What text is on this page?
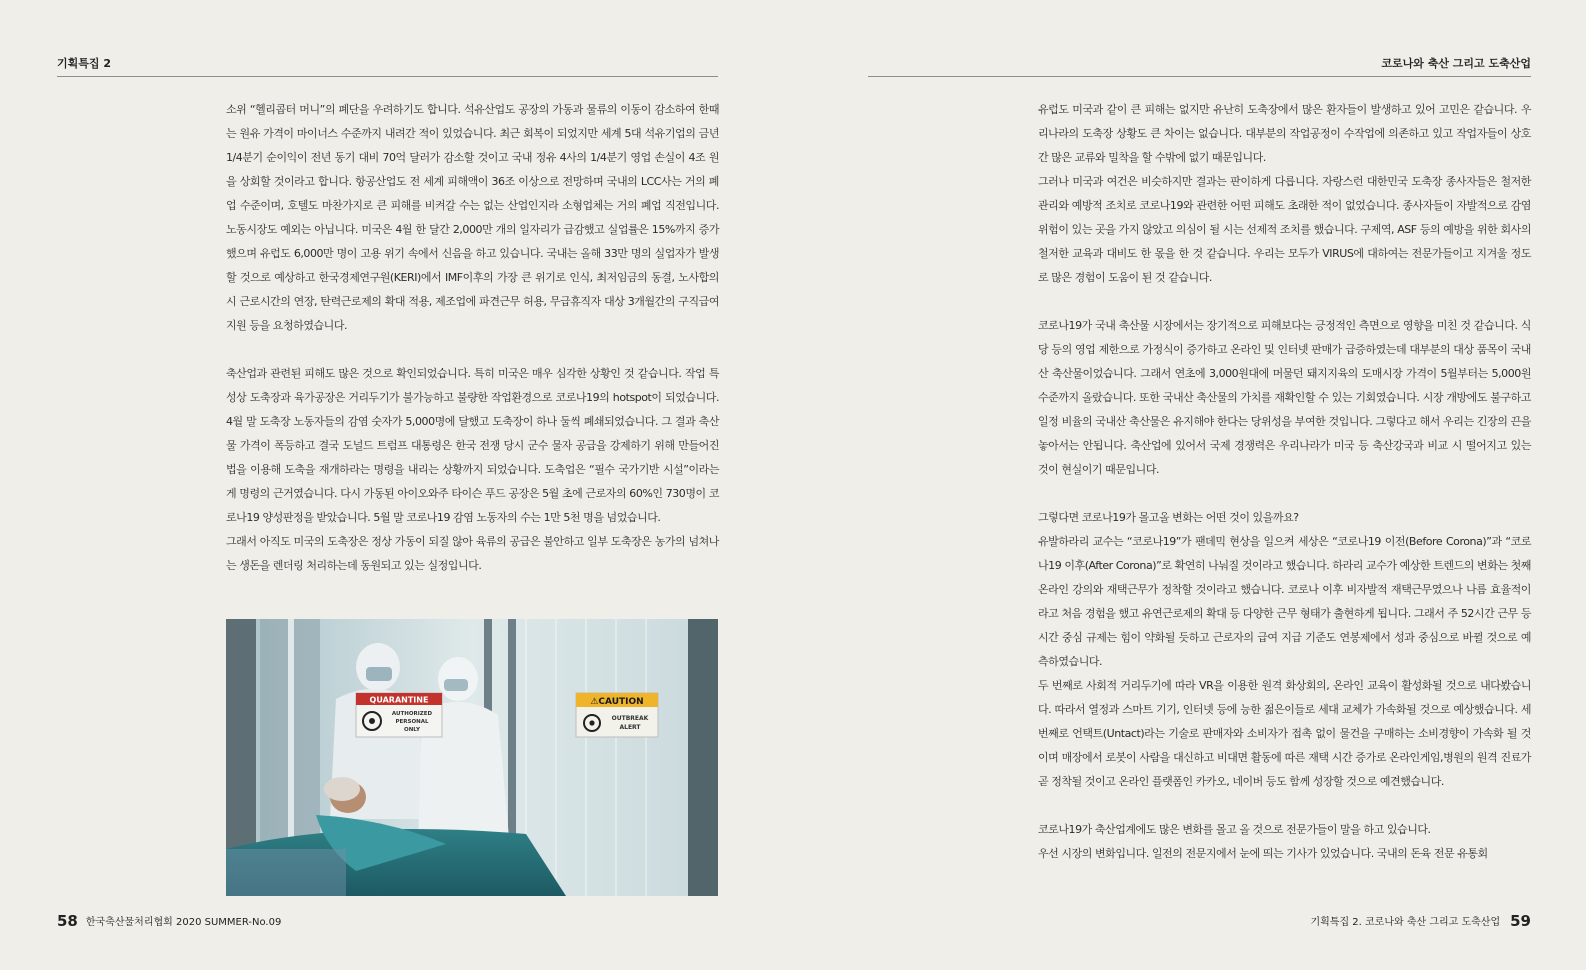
기획특집 2	코로나와 축산 그리고 도축산업

소위 “헬리콥터 머니”의 폐단을 우려하기도 합니다. 석유산업도 공장의 가동과 물류의 이동이 감소하여 한때는 원유 가격이 마이너스 수준까지 내려간 적이 있었습니다. 최근 회복이 되었지만 세계 5대 석유기업의 금년 1/4분기 순이익이 전년 동기 대비 70억 달러가 감소할 것이고 국내 정유 4사의 1/4분기 영업 손실이 4조 원을 상회할 것이라고 합니다. 항공산업도 전 세계 피해액이 36조 이상으로 전망하며 국내의 LCC사는 거의 폐업 수준이며, 호텔도 마찬가지로 큰 피해를 비켜갈 수는 없는 산업인지라 소형업체는 거의 폐업 직전입니다. 노동시장도 예외는 아닙니다. 미국은 4월 한 달간 2,000만 개의 일자리가 급감했고 실업률은 15%까지 증가했으며 유럽도 6,000만 명이 고용 위기 속에서 신음을 하고 있습니다. 국내는 올해 33만 명의 실업자가 발생할 것으로 예상하고 한국경제연구원(KERI)에서 IMF이후의 가장 큰 위기로 인식, 최저임금의 동결, 노사합의 시 근로시간의 연장, 탄력근로제의 확대 적용, 제조업에 파견근무 허용, 무급휴직자 대상 3개월간의 구직급여 지원 등을 요청하였습니다.

축산업과 관련된 피해도 많은 것으로 확인되었습니다. 특히 미국은 매우 심각한 상황인 것 같습니다. 작업 특성상 도축장과 육가공장은 거리두기가 불가능하고 불량한 작업환경으로 코로나19의 hotspot이 되었습니다. 4월 말 도축장 노동자들의 감염 숫자가 5,000명에 달했고 도축장이 하나 둘씩 폐쇄되었습니다. 그 결과 축산물 가격이 폭등하고 결국 도널드 트럼프 대통령은 한국 전쟁 당시 군수 물자 공급을 강제하기 위해 만들어진 법을 이용해 도축을 재개하라는 명령을 내리는 상황까지 되었습니다. 도축업은 “필수 국가기반 시설”이라는 게 명령의 근거였습니다. 다시 가동된 아이오와주 타이슨 푸드 공장은 5월 초에 근로자의 60%인 730명이 코로나19 양성판정을 받았습니다. 5월 말 코로나19 감염 노동자의 수는 1만 5천 명을 넘었습니다.

그래서 아직도 미국의 도축장은 정상 가동이 되질 않아 육류의 공급은 불안하고 일부 도축장은 농가의 넘쳐나는 생돈을 렌더링 처리하는데 동원되고 있는 실정입니다.

QUARANTINE
AUTHORIZED
PERSONAL
ONLY
⚠CAUTION
OUTBREAK
ALERT

유럽도 미국과 같이 큰 피해는 없지만 유난히 도축장에서 많은 환자들이 발생하고 있어 고민은 같습니다. 우리나라의 도축장 상황도 큰 차이는 없습니다. 대부분의 작업공정이 수작업에 의존하고 있고 작업자들이 상호 간 많은 교류와 밀착을 할 수밖에 없기 때문입니다.

그러나 미국과 여건은 비슷하지만 결과는 판이하게 다릅니다. 자랑스런 대한민국 도축장 종사자들은 철저한 관리와 예방적 조치로 코로나19와 관련한 어떤 피해도 초래한 적이 없었습니다. 종사자들이 자발적으로 감염 위험이 있는 곳을 가지 않았고 의심이 될 시는 선제적 조치를 했습니다. 구제역, ASF 등의 예방을 위한 회사의 철저한 교육과 대비도 한 몫을 한 것 같습니다. 우리는 모두가 VIRUS에 대하여는 전문가들이고 지겨울 정도로 많은 경험이 도움이 된 것 같습니다.

코로나19가 국내 축산물 시장에서는 장기적으로 피해보다는 긍정적인 측면으로 영향을 미친 것 같습니다. 식당 등의 영업 제한으로 가정식이 증가하고 온라인 및 인터넷 판매가 급증하였는데 대부분의 대상 품목이 국내산 축산물이었습니다. 그래서 연초에 3,000원대에 머물던 돼지지육의 도매시장 가격이 5월부터는 5,000원 수준까지 올랐습니다. 또한 국내산 축산물의 가치를 재확인할 수 있는 기회였습니다. 시장 개방에도 불구하고 일정 비율의 국내산 축산물은 유지해야 한다는 당위성을 부여한 것입니다. 그렇다고 해서 우리는 긴장의 끈을 놓아서는 안됩니다. 축산업에 있어서 국제 경쟁력은 우리나라가 미국 등 축산강국과 비교 시 떨어지고 있는 것이 현실이기 때문입니다.

그렇다면 코로나19가 몰고올 변화는 어떤 것이 있을까요?

유발하라리 교수는 “코로나19”가 팬데믹 현상을 일으켜 세상은 “코로나19 이전(Before Corona)”과 “코로나19 이후(After Corona)”로 확연히 나눠질 것이라고 했습니다. 하라리 교수가 예상한 트렌드의 변화는 첫째 온라인 강의와 재택근무가 정착할 것이라고 했습니다. 코로나 이후 비자발적 재택근무였으나 나름 효율적이라고 처음 경험을 했고 유연근로제의 확대 등 다양한 근무 형태가 출현하게 됩니다. 그래서 주 52시간 근무 등 시간 중심 규제는 힘이 약화될 듯하고 근로자의 급여 지급 기준도 연봉제에서 성과 중심으로 바뀔 것으로 예측하였습니다.

두 번째로 사회적 거리두기에 따라 VR을 이용한 원격 화상회의, 온라인 교육이 활성화될 것으로 내다봤습니다. 따라서 열정과 스마트 기기, 인터넷 등에 능한 젊은이들로 세대 교체가 가속화될 것으로 예상했습니다. 세 번째로 언택트(Untact)라는 기술로 판매자와 소비자가 접촉 없이 물건을 구매하는 소비경향이 가속화 될 것이며 매장에서 로봇이 사람을 대신하고 비대면 활동에 따른 재택 시간 증가로 온라인게임,병원의 원격 진료가 곧 정착될 것이고 온라인 플랫폼인 카카오, 네이버 등도 함께 성장할 것으로 예견했습니다.

코로나19가 축산업계에도 많은 변화를 몰고 올 것으로 전문가들이 말을 하고 있습니다.

우선 시장의 변화입니다. 일전의 전문지에서 눈에 띄는 기사가 있었습니다. 국내의 돈육 전문 유통회

58 한국축산물처리협회 2020 SUMMER-No.09	기획특집 2. 코로나와 축산 그리고 도축산업 59
